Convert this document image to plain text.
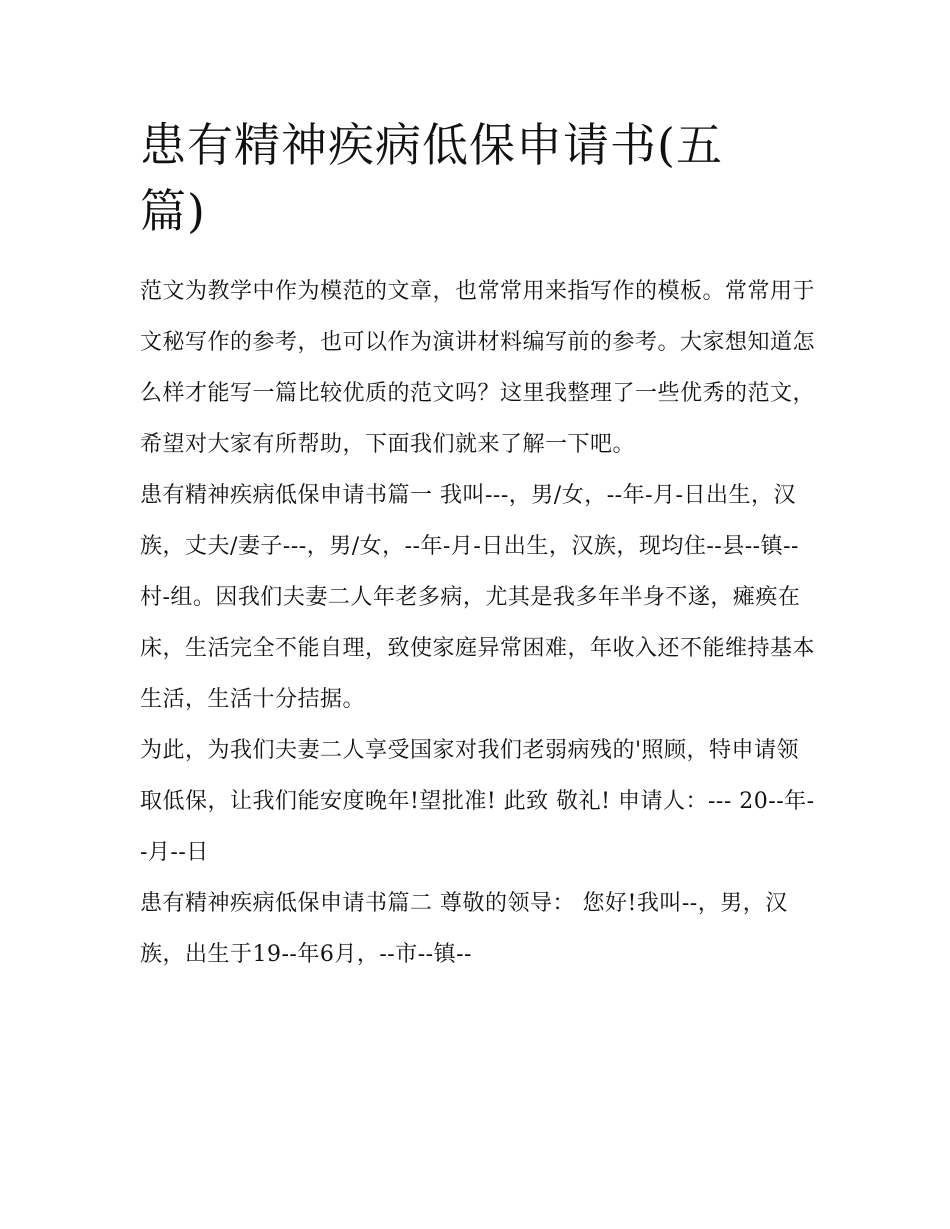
患有精神疾病低保申请书(五篇)

范文为教学中作为模范的文章，也常常用来指写作的模板。常常用于文秘写作的参考，也可以作为演讲材料编写前的参考。大家想知道怎么样才能写一篇比较优质的范文吗？这里我整理了一些优秀的范文，希望对大家有所帮助，下面我们就来了解一下吧。

患有精神疾病低保申请书篇一 我叫---，男/女，--年-月-日出生，汉族，丈夫/妻子---，男/女，--年-月-日出生，汉族，现均住--县--镇--

村-组。因我们夫妻二人年老多病，尤其是我多年半身不遂，瘫痪在床，生活完全不能自理，致使家庭异常困难，年收入还不能维持基本生活，生活十分拮据。

为此，为我们夫妻二人享受国家对我们老弱病残的'照顾，特申请领取低保，让我们能安度晚年!望批准! 此致 敬礼! 申请人：--- 20--年--月--日

患有精神疾病低保申请书篇二 尊敬的领导： 您好!我叫--，男，汉族，出生于19--年6月，--市--镇--
